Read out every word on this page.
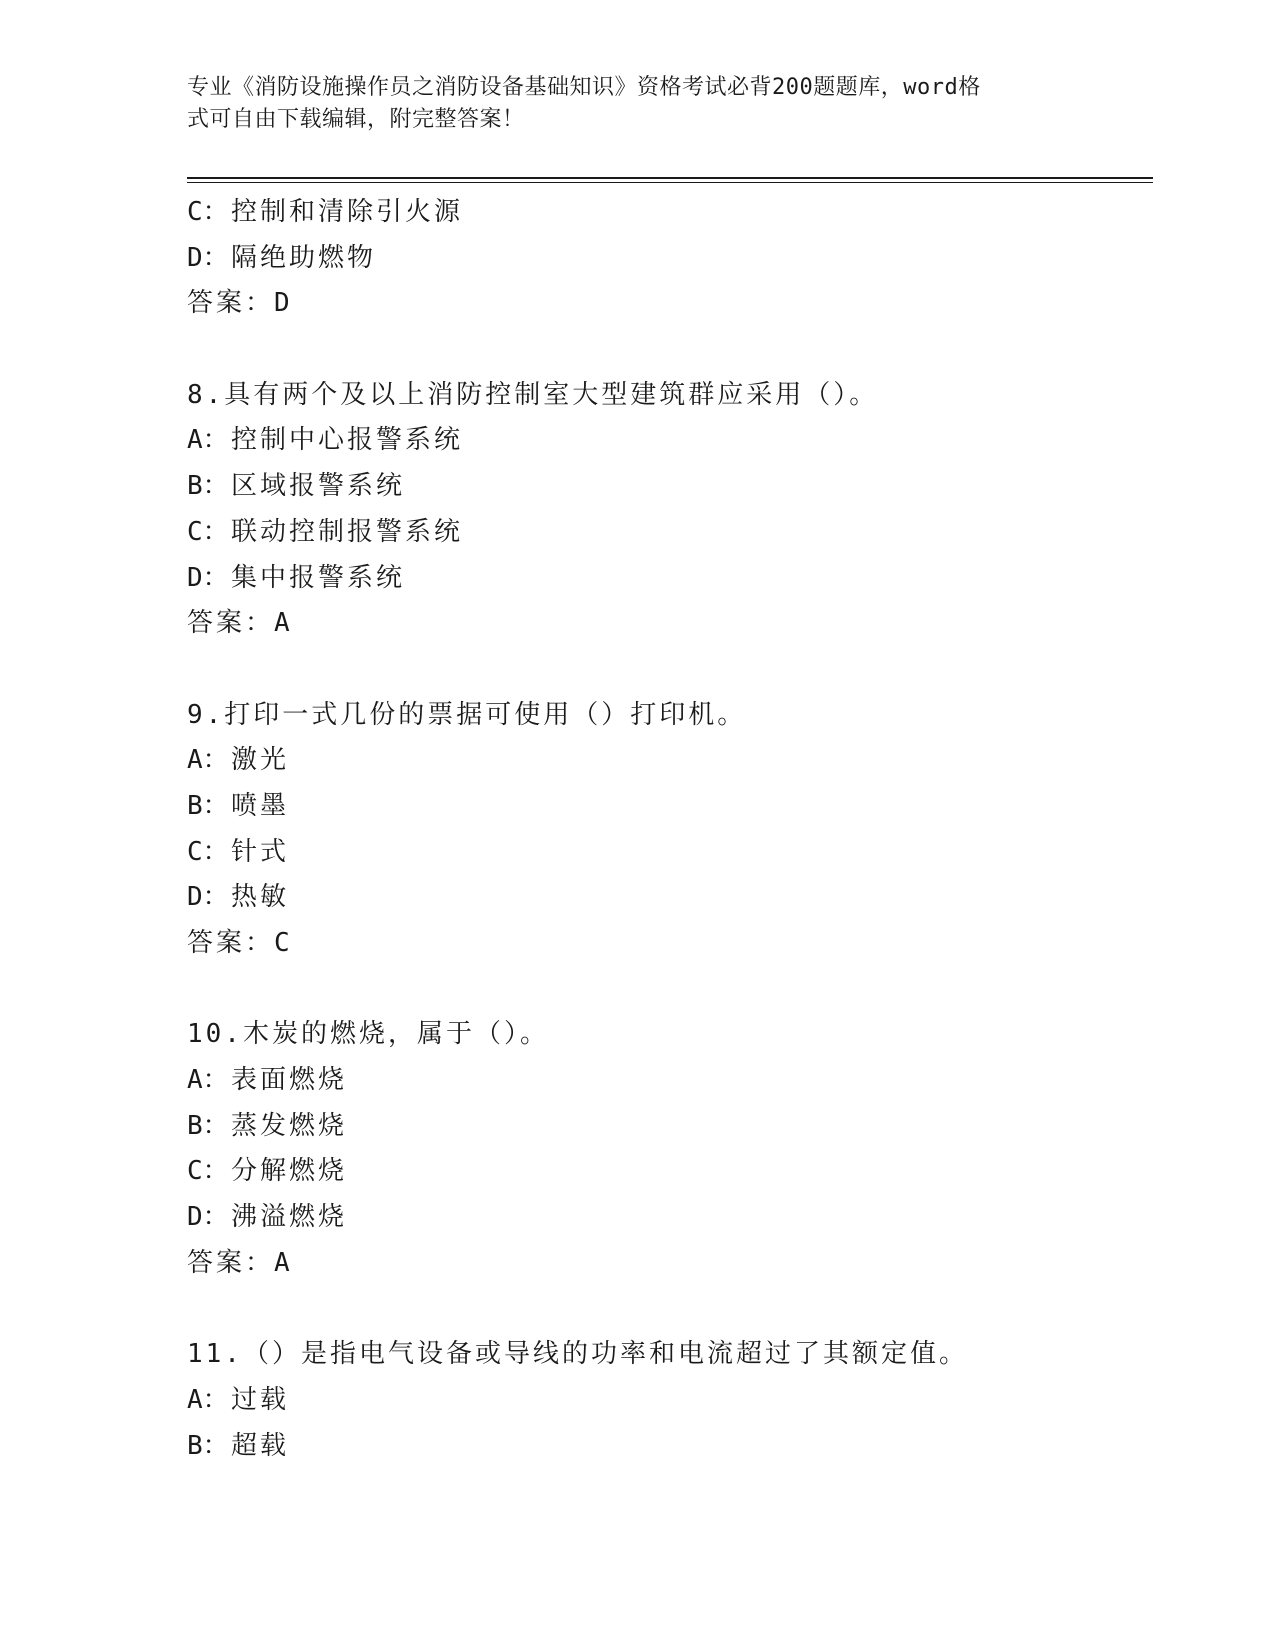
专业《消防设施操作员之消防设备基础知识》资格考试必背200题题库，word格
式可自由下载编辑，附完整答案！
C：控制和清除引火源
D：隔绝助燃物
答案：D
8.具有两个及以上消防控制室大型建筑群应采用（）。
A：控制中心报警系统
B：区域报警系统
C：联动控制报警系统
D：集中报警系统
答案：A
9.打印一式几份的票据可使用（）打印机。
A：激光
B：喷墨
C：针式
D：热敏
答案：C
10.木炭的燃烧，属于（）。
A：表面燃烧
B：蒸发燃烧
C：分解燃烧
D：沸溢燃烧
答案：A
11.（）是指电气设备或导线的功率和电流超过了其额定值。
A：过载
B：超载
